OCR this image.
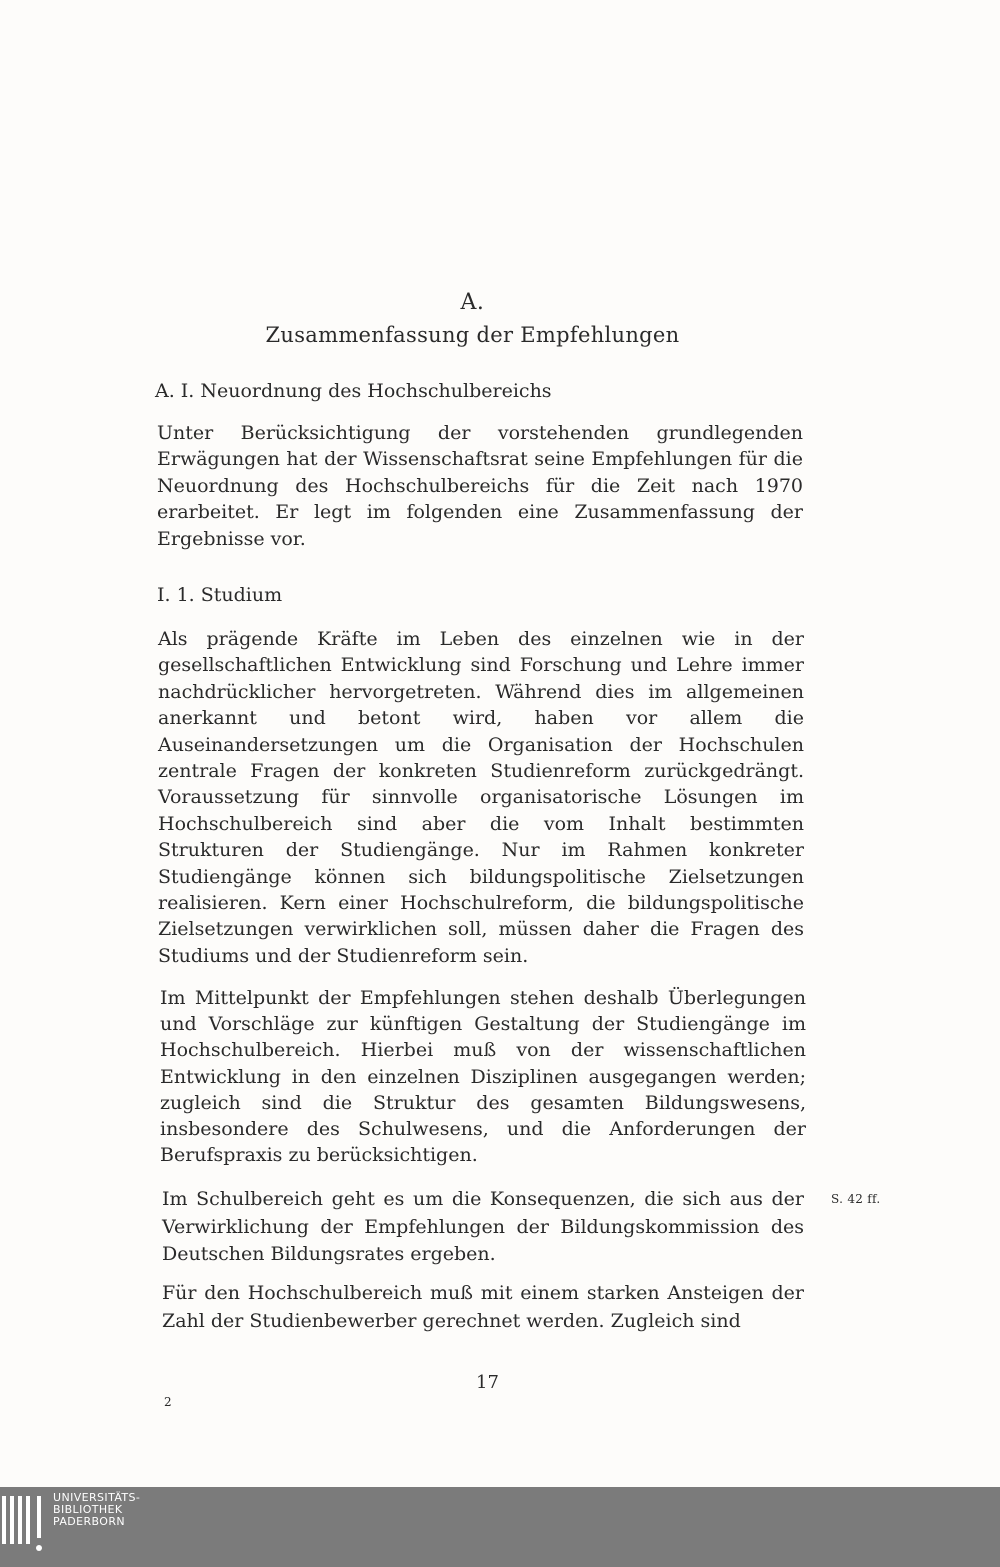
A.
Zusammenfassung der Empfehlungen
A. I. Neuordnung des Hochschulbereichs
Unter Berücksichtigung der vorstehenden grundlegenden Erwägungen hat der Wissenschaftsrat seine Empfehlungen für die Neuordnung des Hochschulbereichs für die Zeit nach 1970 erarbeitet. Er legt im folgenden eine Zusammenfassung der Ergebnisse vor.
I. 1. Studium
Als prägende Kräfte im Leben des einzelnen wie in der gesellschaftlichen Entwicklung sind Forschung und Lehre immer nachdrücklicher hervorgetreten. Während dies im allgemeinen anerkannt und betont wird, haben vor allem die Auseinandersetzungen um die Organisation der Hochschulen zentrale Fragen der konkreten Studienreform zurückgedrängt. Voraussetzung für sinnvolle organisatorische Lösungen im Hochschulbereich sind aber die vom Inhalt bestimmten Strukturen der Studiengänge. Nur im Rahmen konkreter Studiengänge können sich bildungspolitische Zielsetzungen realisieren. Kern einer Hochschulreform, die bildungspolitische Zielsetzungen verwirklichen soll, müssen daher die Fragen des Studiums und der Studienreform sein.
Im Mittelpunkt der Empfehlungen stehen deshalb Überlegungen und Vorschläge zur künftigen Gestaltung der Studiengänge im Hochschulbereich. Hierbei muß von der wissenschaftlichen Entwicklung in den einzelnen Disziplinen ausgegangen werden; zugleich sind die Struktur des gesamten Bildungswesens, insbesondere des Schulwesens, und die Anforderungen der Berufspraxis zu berücksichtigen.
Im Schulbereich geht es um die Konsequenzen, die sich aus der Verwirklichung der Empfehlungen der Bildungskommission des Deutschen Bildungsrates ergeben.
S. 42 ff.
Für den Hochschulbereich muß mit einem starken Ansteigen der Zahl der Studienbewerber gerechnet werden. Zugleich sind
17
2
UNIVERSITÄTS-
BIBLIOTHEK
PADERBORN
